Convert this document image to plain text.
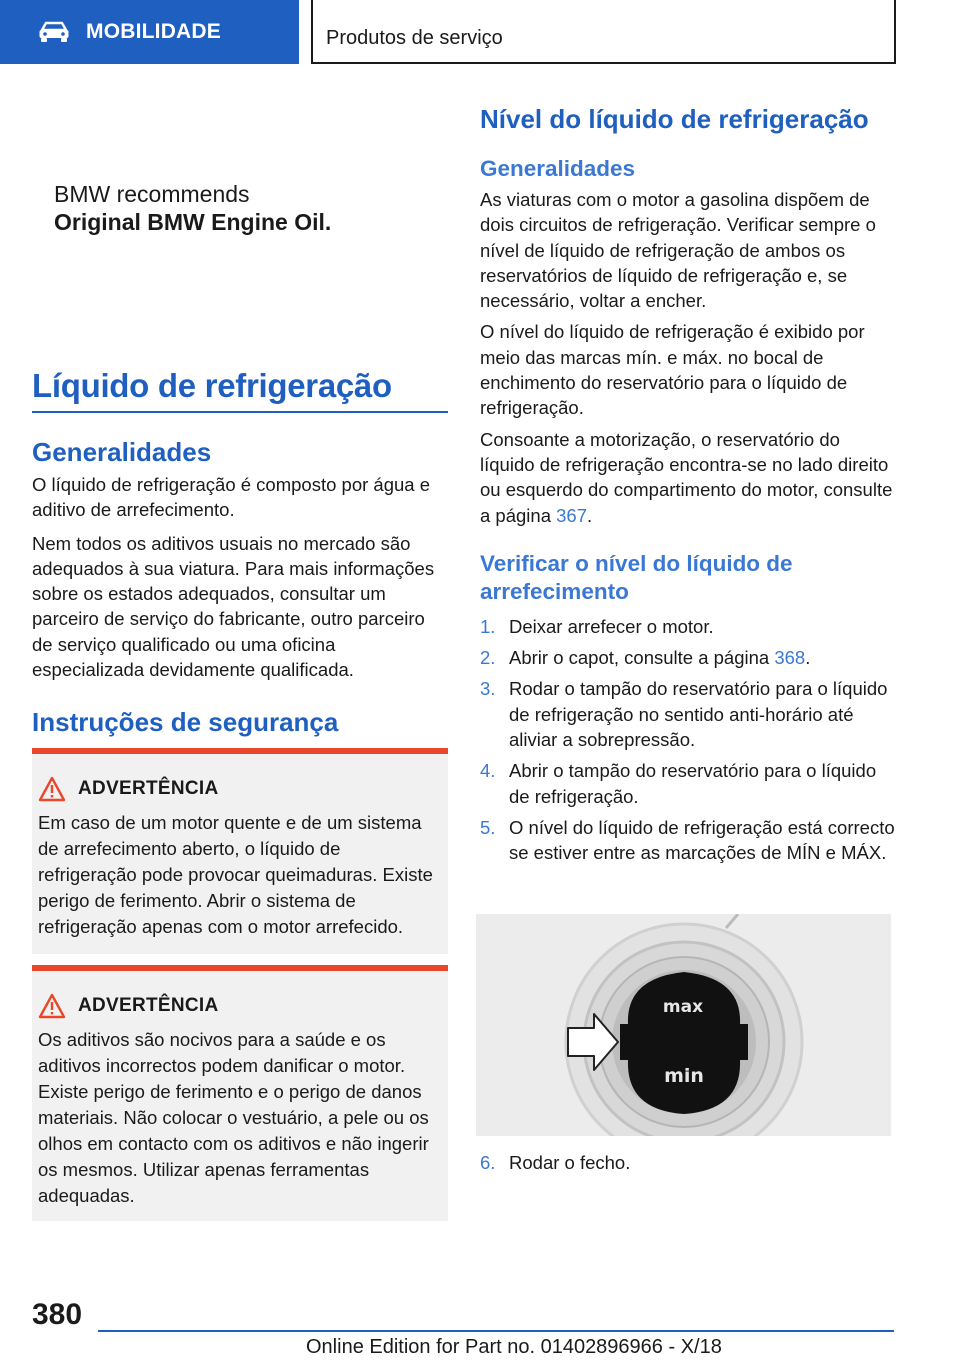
MOBILIDADE	Produtos de serviço
BMW recommends
Original BMW Engine Oil.
Líquido de refrigeração
Generalidades
O líquido de refrigeração é composto por água e aditivo de arrefecimento.
Nem todos os aditivos usuais no mercado são adequados à sua viatura. Para mais informações sobre os estados adequados, consultar um parceiro de serviço do fabricante, outro parceiro de serviço qualificado ou uma oficina especializada devidamente qualificada.
Instruções de segurança
ADVERTÊNCIA
Em caso de um motor quente e de um sistema de arrefecimento aberto, o líquido de refrigeração pode provocar queimaduras. Existe perigo de ferimento. Abrir o sistema de refrigeração apenas com o motor arrefecido.
ADVERTÊNCIA
Os aditivos são nocivos para a saúde e os aditivos incorrectos podem danificar o motor. Existe perigo de ferimento e o perigo de danos materiais. Não colocar o vestuário, a pele ou os olhos em contacto com os aditivos e não ingerir os mesmos. Utilizar apenas ferramentas adequadas.
Nível do líquido de refrigeração
Generalidades
As viaturas com o motor a gasolina dispõem de dois circuitos de refrigeração. Verificar sempre o nível de líquido de refrigeração de ambos os reservatórios de líquido de refrigeração e, se necessário, voltar a encher.
O nível do líquido de refrigeração é exibido por meio das marcas mín. e máx. no bocal de enchimento do reservatório para o líquido de refrigeração.
Consoante a motorização, o reservatório do líquido de refrigeração encontra-se no lado direito ou esquerdo do compartimento do motor, consulte a página 367.
Verificar o nível do líquido de arrefecimento
1. Deixar arrefecer o motor.
2. Abrir o capot, consulte a página 368.
3. Rodar o tampão do reservatório para o líquido de refrigeração no sentido anti-horário até aliviar a sobrepressão.
4. Abrir o tampão do reservatório para o líquido de refrigeração.
5. O nível do líquido de refrigeração está correcto se estiver entre as marcações de MÍN e MÁX.
max
min
6. Rodar o fecho.
380
Online Edition for Part no. 01402896966 - X/18
